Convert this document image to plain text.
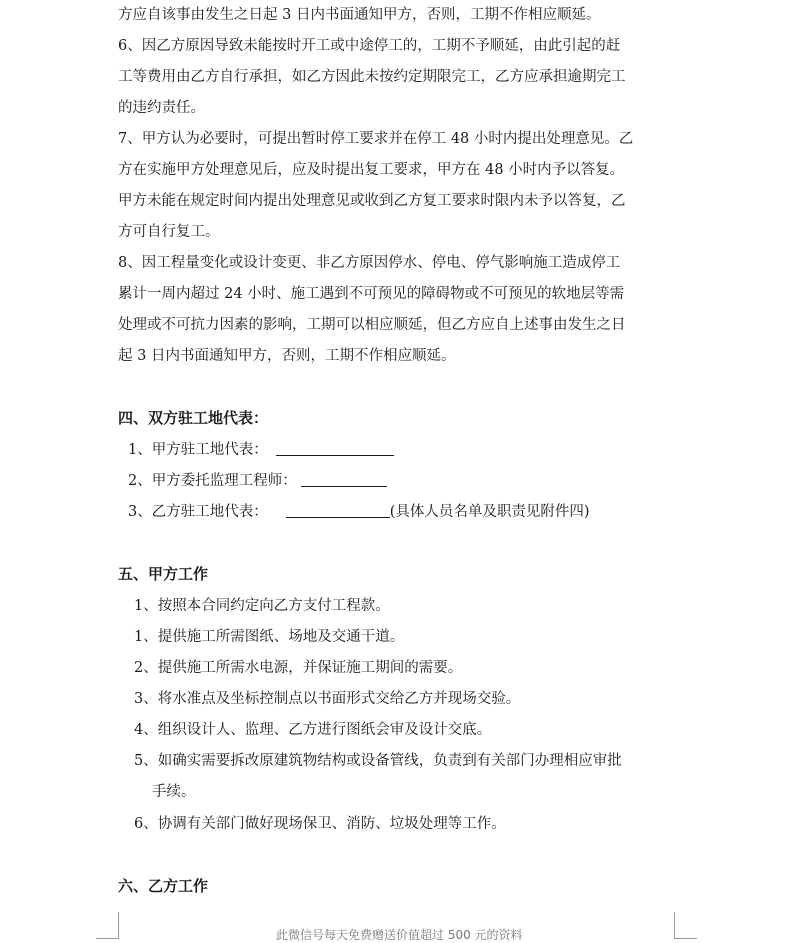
方应自该事由发生之日起 3 日内书面通知甲方，否则，工期不作相应顺延。
6、因乙方原因导致未能按时开工或中途停工的，工期不予顺延，由此引起的赶
工等费用由乙方自行承担，如乙方因此未按约定期限完工，乙方应承担逾期完工
的违约责任。
7、甲方认为必要时，可提出暂时停工要求并在停工 48 小时内提出处理意见。乙
方在实施甲方处理意见后，应及时提出复工要求，甲方在 48 小时内予以答复。
甲方未能在规定时间内提出处理意见或收到乙方复工要求时限内未予以答复，乙
方可自行复工。
8、因工程量变化或设计变更、非乙方原因停水、停电、停气影响施工造成停工
累计一周内超过 24 小时、施工遇到不可预见的障碍物或不可预见的软地层等需
处理或不可抗力因素的影响，工期可以相应顺延，但乙方应自上述事由发生之日
起 3 日内书面通知甲方，否则，工期不作相应顺延。
四、双方驻工地代表：
1、甲方驻工地代表：
2、甲方委托监理工程师：
3、乙方驻工地代表：	(具体人员名单及职责见附件四)
五、甲方工作
1、按照本合同约定向乙方支付工程款。
1、提供施工所需图纸、场地及交通干道。
2、提供施工所需水电源，并保证施工期间的需要。
3、将水准点及坐标控制点以书面形式交给乙方并现场交验。
4、组织设计人、监理、乙方进行图纸会审及设计交底。
5、如确实需要拆改原建筑物结构或设备管线，负责到有关部门办理相应审批
手续。
6、协调有关部门做好现场保卫、消防、垃圾处理等工作。
六、乙方工作
此微信号每天免费赠送价值超过 500 元的资料
